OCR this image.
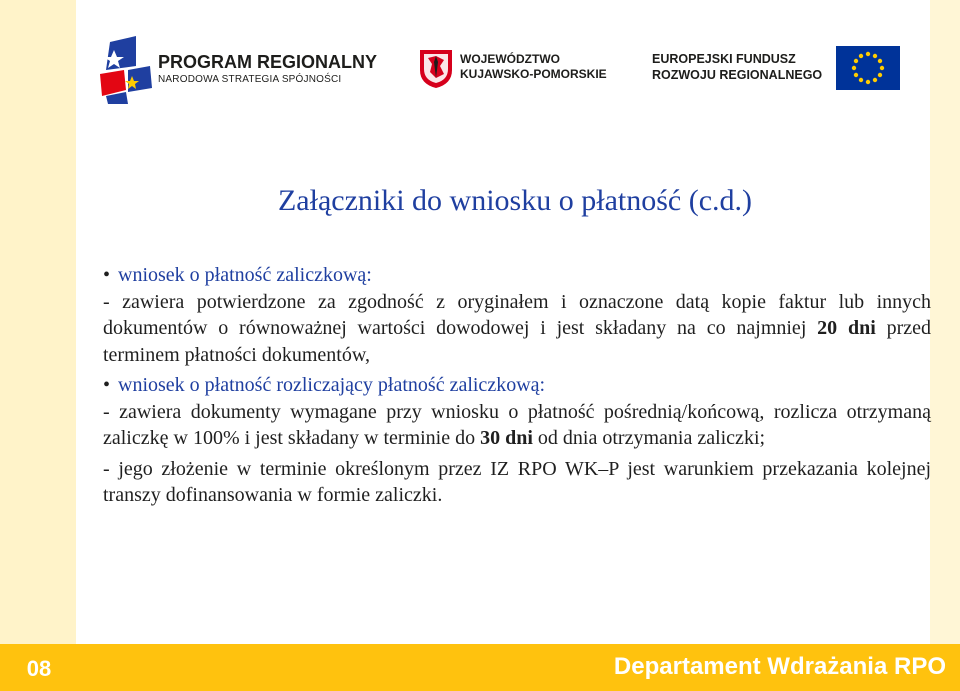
PROGRAM REGIONALNY
NARODOWA STRATEGIA SPÓJNOŚCI
WOJEWÓDZTWO
KUJAWSKO-POMORSKIE
EUROPEJSKI FUNDUSZ
ROZWOJU REGIONALNEGO
Załączniki do wniosku o płatność (c.d.)

• wniosek o płatność zaliczkową:

- zawiera potwierdzone za zgodność z oryginałem i oznaczone datą kopie faktur lub innych dokumentów o równoważnej wartości dowodowej i jest składany na co najmniej 20 dni przed terminem płatności dokumentów,

• wniosek o płatność rozliczający płatność zaliczkową:

- zawiera dokumenty wymagane przy wniosku o płatność pośrednią/końcową, rozlicza otrzymaną zaliczkę w 100% i jest składany w terminie do 30 dni od dnia otrzymania zaliczki;

- jego złożenie w terminie określonym przez IZ RPO WK–P jest warunkiem przekazania kolejnej transzy dofinansowania w formie zaliczki.

08	Departament Wdrażania RPO
